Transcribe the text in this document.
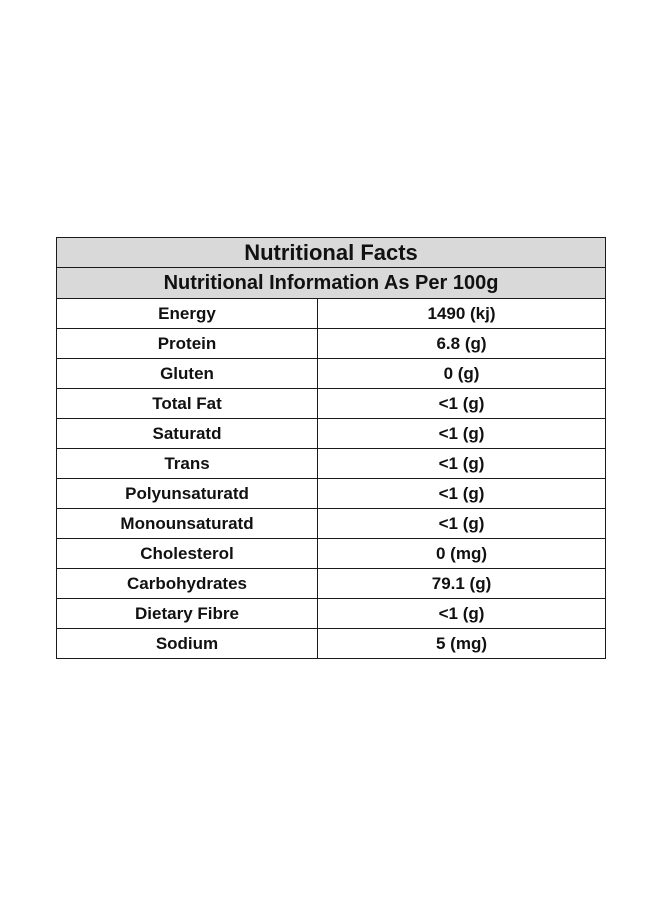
Nutritional Facts	
Nutritional Information As Per 100g	
Energy	1490 (kj)
Protein	6.8 (g)
Gluten	0 (g)
Total Fat	<1 (g)
Saturatd	<1 (g)
Trans	<1 (g)
Polyunsaturatd	<1 (g)
Monounsaturatd	<1 (g)
Cholesterol	0 (mg)
Carbohydrates	79.1 (g)
Dietary Fibre	<1 (g)
Sodium	5 (mg)
